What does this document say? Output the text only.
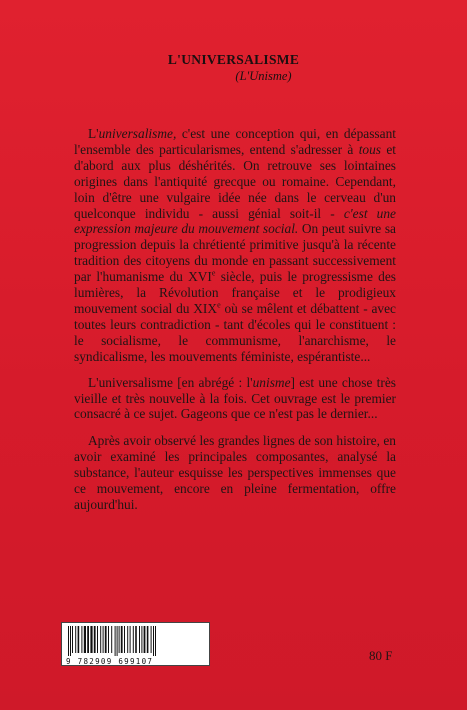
L'UNIVERSALISME
(L'Unisme)

L'universalisme, c'est une conception qui, en dépassant l'ensemble des particularismes, entend s'adresser à tous et d'abord aux plus déshérités. On retrouve ses lointaines origines dans l'antiquité grecque ou romaine. Cependant, loin d'être une vulgaire idée née dans le cerveau d'un quelconque individu - aussi génial soit-il - c'est une expression majeure du mouvement social. On peut suivre sa progression depuis la chrétienté primitive jusqu'à la récente tradition des citoyens du monde en passant successivement par l'humanisme du XVIe siècle, puis le progressisme des lumières, la Révolution française et le prodigieux mouvement social du XIXe où se mêlent et débattent - avec toutes leurs contradiction - tant d'écoles qui le constituent : le socialisme, le communisme, l'anarchisme, le syndicalisme, les mouvements féministe, espérantiste...

L'universalisme [en abrégé : l'unisme] est une chose très vieille et très nouvelle à la fois. Cet ouvrage est le premier consacré à ce sujet. Gageons que ce n'est pas le dernier...

Après avoir observé les grandes lignes de son histoire, en avoir examiné les principales composantes, analysé la substance, l'auteur esquisse les perspectives immenses que ce mouvement, encore en pleine fermentation, offre aujourd'hui.

9 782909 699107	80 F
